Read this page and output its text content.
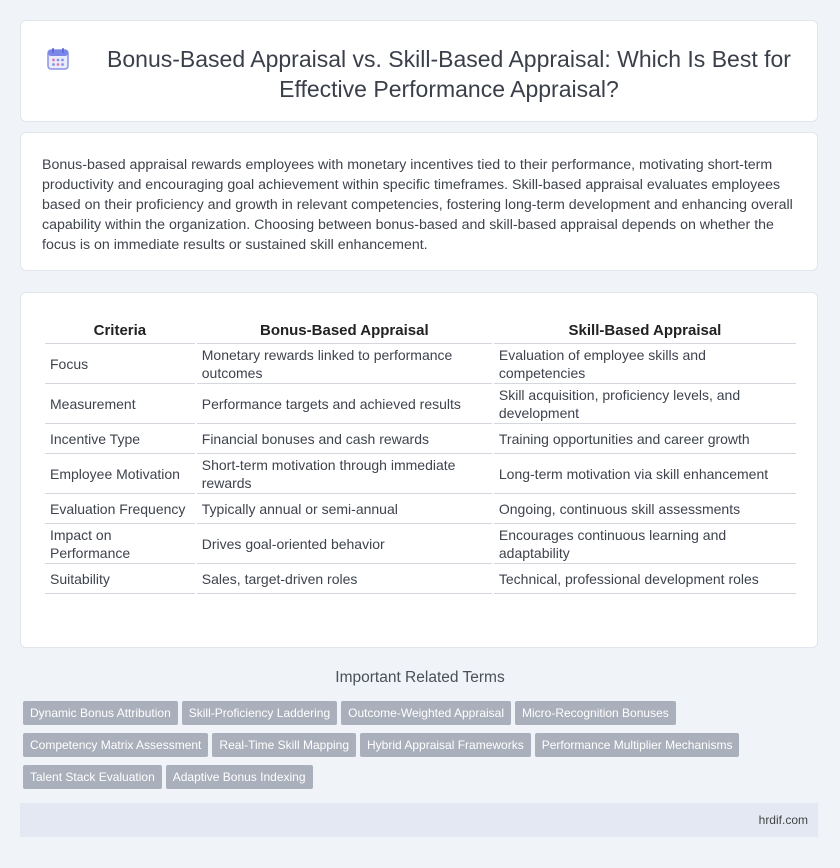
Bonus-Based Appraisal vs. Skill-Based Appraisal: Which Is Best for Effective Performance Appraisal?

Bonus-based appraisal rewards employees with monetary incentives tied to their performance, motivating short-term productivity and encouraging goal achievement within specific timeframes. Skill-based appraisal evaluates employees based on their proficiency and growth in relevant competencies, fostering long-term development and enhancing overall capability within the organization. Choosing between bonus-based and skill-based appraisal depends on whether the focus is on immediate results or sustained skill enhancement.

Criteria	Bonus-Based Appraisal	Skill-Based Appraisal
Focus	Monetary rewards linked to performance outcomes	Evaluation of employee skills and competencies
Measurement	Performance targets and achieved results	Skill acquisition, proficiency levels, and development
Incentive Type	Financial bonuses and cash rewards	Training opportunities and career growth
Employee Motivation	Short-term motivation through immediate rewards	Long-term motivation via skill enhancement
Evaluation Frequency	Typically annual or semi-annual	Ongoing, continuous skill assessments
Impact on Performance	Drives goal-oriented behavior	Encourages continuous learning and adaptability
Suitability	Sales, target-driven roles	Technical, professional development roles
Important Related Terms
Dynamic Bonus Attribution Skill-Proficiency Laddering Outcome-Weighted Appraisal Micro-Recognition Bonuses
Competency Matrix Assessment Real-Time Skill Mapping Hybrid Appraisal Frameworks Performance Multiplier Mechanisms
Talent Stack Evaluation Adaptive Bonus Indexing
hrdif.com
